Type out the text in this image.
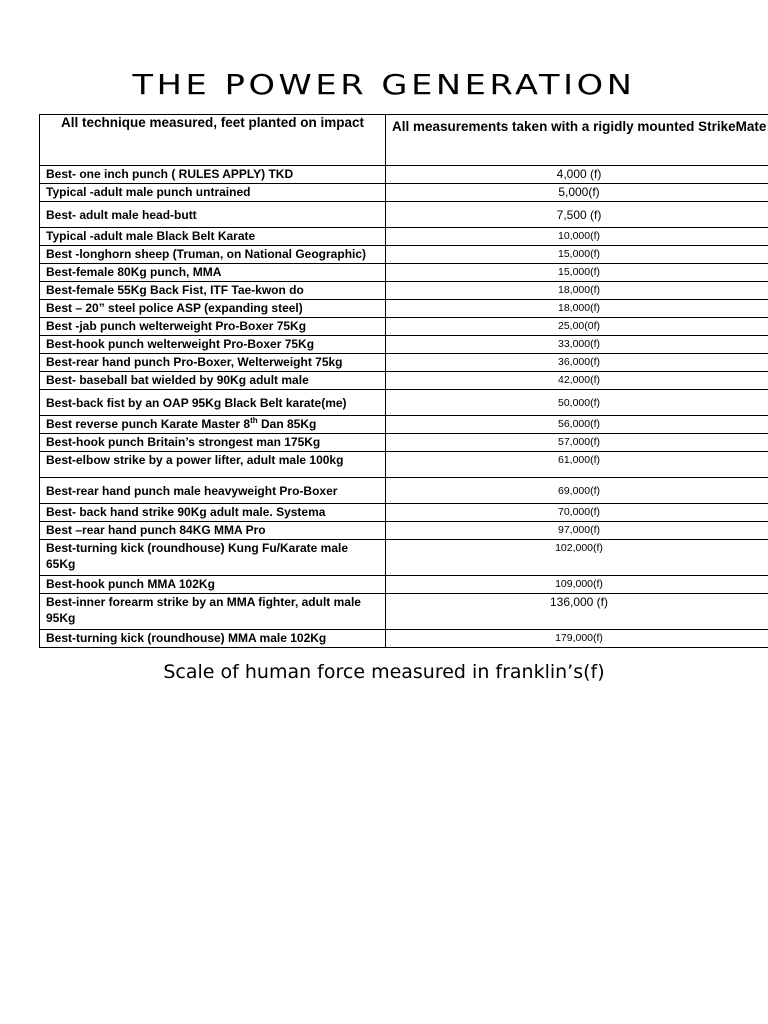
THE POWER GENERATION
All technique measured, feet planted on impact	All measurements taken with a rigidly mounted StrikeMate
Best- one inch punch ( RULES APPLY) TKD	4,000 (f)
Typical -adult male punch untrained	5,000(f)
Best- adult male head-butt	7,500 (f)
Typical -adult male Black Belt Karate	10,000(f)
Best -longhorn sheep (Truman, on National Geographic)	15,000(f)
Best-female 80Kg punch, MMA	15,000(f)
Best-female 55Kg Back Fist, ITF Tae-kwon do	18,000(f)
Best – 20” steel police ASP (expanding steel)	18,000(f)
Best -jab punch welterweight Pro-Boxer 75Kg	25,00(0f)
Best-hook punch welterweight Pro-Boxer 75Kg	33,000(f)
Best-rear hand punch Pro-Boxer, Welterweight 75kg	36,000(f)
Best- baseball bat wielded by 90Kg adult male	42,000(f)
Best-back fist by an OAP 95Kg Black Belt karate(me)	50,000(f)
Best reverse punch Karate Master 8th Dan 85Kg	56,000(f)
Best-hook punch Britain’s strongest man 175Kg	57,000(f)
Best-elbow strike by a power lifter, adult male 100kg	61,000(f)
Best-rear hand punch male heavyweight Pro-Boxer	69,000(f)
Best- back hand strike 90Kg adult male. Systema	70,000(f)
Best –rear hand punch 84KG MMA Pro	97,000(f)
Best-turning kick (roundhouse) Kung Fu/Karate male 65Kg	102,000(f)
Best-hook punch MMA 102Kg	109,000(f)
Best-inner forearm strike by an MMA fighter, adult male 95Kg	136,000 (f)
Best-turning kick (roundhouse) MMA male 102Kg	179,000(f)
Scale of human force measured in franklin’s(f)
